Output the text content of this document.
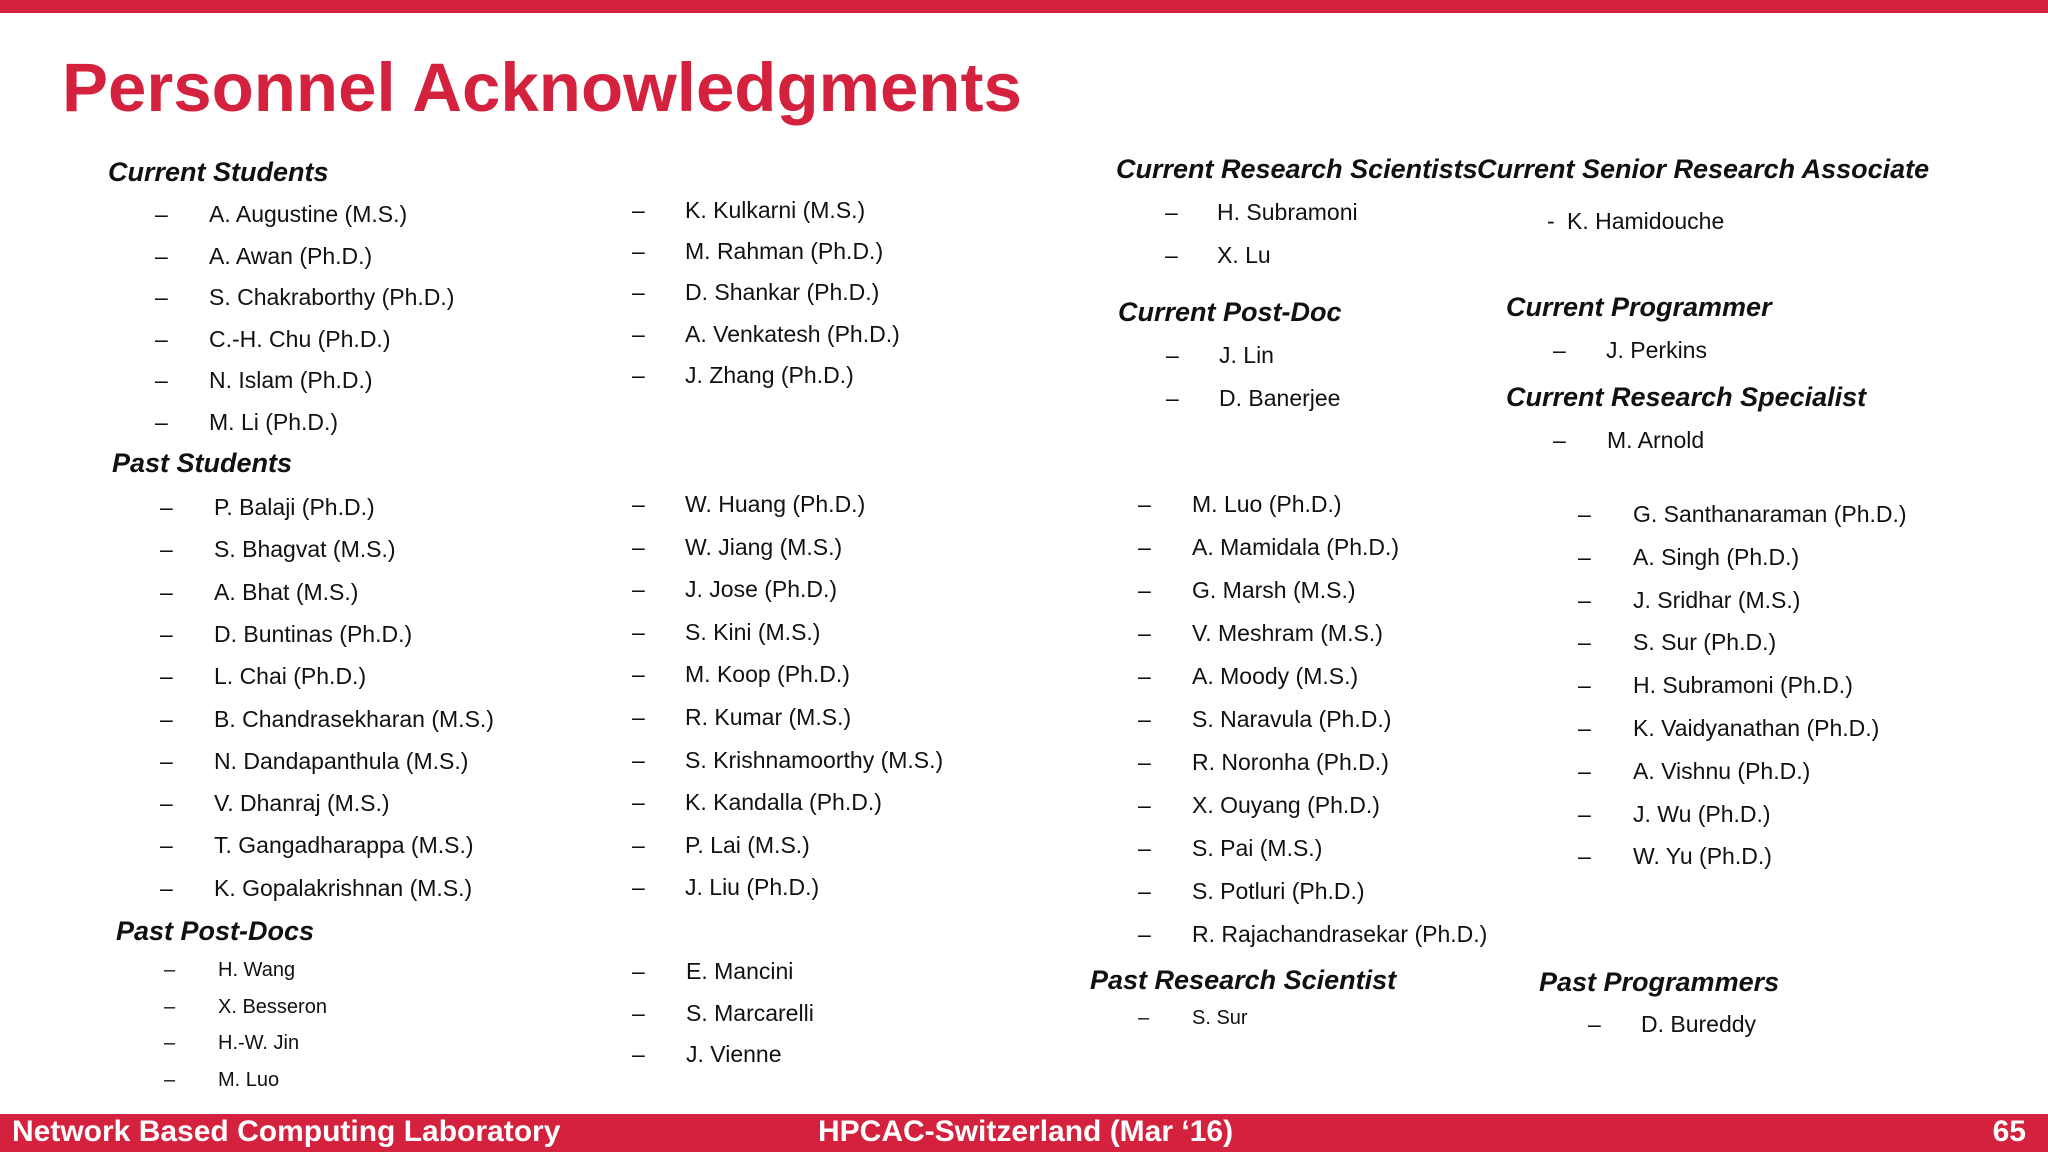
Personnel Acknowledgments
Current Students	Current Research Scientists Current Senior Research Associate
Current Post-Doc	Current Programmer
Current Research Specialist
Past Students
Past Post-Docs
Past Research Scientist	Past Programmers
– A. Augustine (M.S.)
– A. Awan (Ph.D.)
– S. Chakraborthy (Ph.D.)
– C.-H. Chu (Ph.D.)
– N. Islam (Ph.D.)
– M. Li (Ph.D.)
– K. Kulkarni (M.S.)
– M. Rahman (Ph.D.)
– D. Shankar (Ph.D.)
– A. Venkatesh (Ph.D.)
– J. Zhang (Ph.D.)
– H. Subramoni
– X. Lu
- K. Hamidouche
– J. Lin
– D. Banerjee
– J. Perkins
– M. Arnold
– P. Balaji (Ph.D.)
– S. Bhagvat (M.S.)
– A. Bhat (M.S.)
– D. Buntinas (Ph.D.)
– L. Chai (Ph.D.)
– B. Chandrasekharan (M.S.)
– N. Dandapanthula (M.S.)
– V. Dhanraj (M.S.)
– T. Gangadharappa (M.S.)
– K. Gopalakrishnan (M.S.)
– W. Huang (Ph.D.)
– W. Jiang (M.S.)
– J. Jose (Ph.D.)
– S. Kini (M.S.)
– M. Koop (Ph.D.)
– R. Kumar (M.S.)
– S. Krishnamoorthy (M.S.)
– K. Kandalla (Ph.D.)
– P. Lai (M.S.)
– J. Liu (Ph.D.)
– M. Luo (Ph.D.)
– A. Mamidala (Ph.D.)
– G. Marsh (M.S.)
– V. Meshram (M.S.)
– A. Moody (M.S.)
– S. Naravula (Ph.D.)
– R. Noronha (Ph.D.)
– X. Ouyang (Ph.D.)
– S. Pai (M.S.)
– S. Potluri (Ph.D.)
– R. Rajachandrasekar (Ph.D.)
– G. Santhanaraman (Ph.D.)
– A. Singh (Ph.D.)
– J. Sridhar (M.S.)
– S. Sur (Ph.D.)
– H. Subramoni (Ph.D.)
– K. Vaidyanathan (Ph.D.)
– A. Vishnu (Ph.D.)
– J. Wu (Ph.D.)
– W. Yu (Ph.D.)
– H. Wang
– X. Besseron
– H.-W. Jin
– M. Luo
– E. Mancini
– S. Marcarelli
– J. Vienne
– S. Sur	– D. Bureddy
Network Based Computing Laboratory	HPCAC-Switzerland (Mar ‘16)	65
